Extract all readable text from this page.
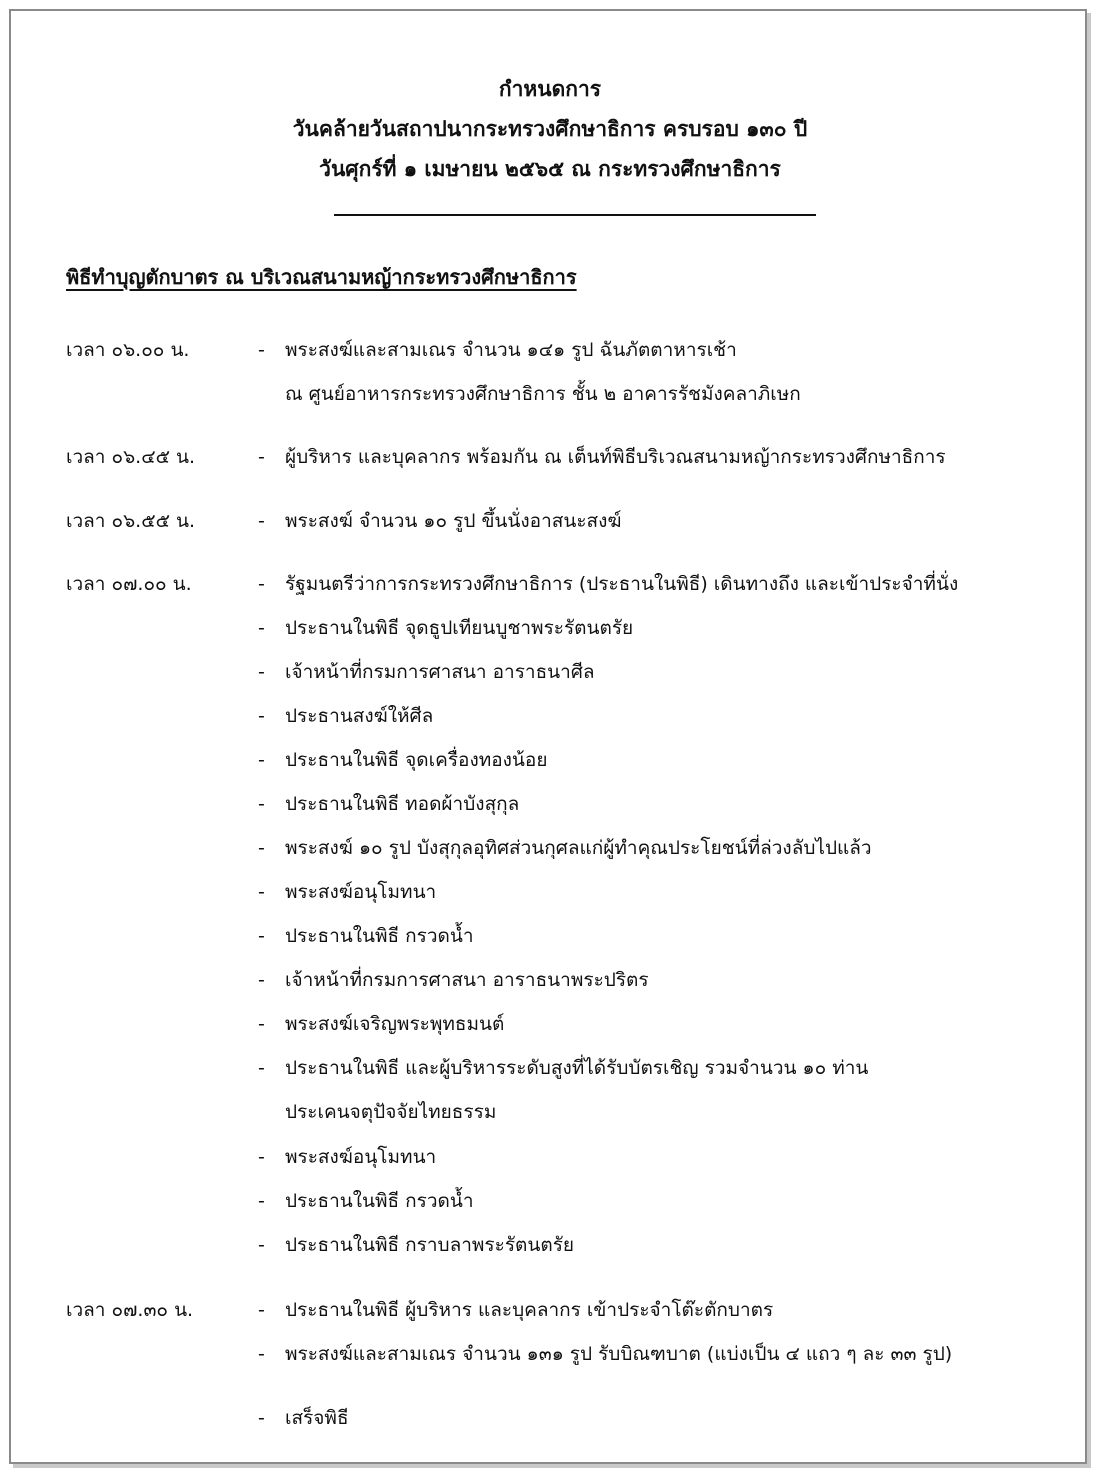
กำหนดการ
วันคล้ายวันสถาปนากระทรวงศึกษาธิการ ครบรอบ ๑๓๐ ปี
วันศุกร์ที่ ๑ เมษายน ๒๕๖๕ ณ กระทรวงศึกษาธิการ
พิธีทำบุญตักบาตร ณ บริเวณสนามหญ้ากระทรวงศึกษาธิการ
เวลา ๐๖.๐๐ น.	- พระสงฆ์และสามเณร จำนวน ๑๔๑ รูป ฉันภัตตาหารเช้า
ณ ศูนย์อาหารกระทรวงศึกษาธิการ ชั้น ๒ อาคารรัชมังคลาภิเษก
เวลา ๐๖.๔๕ น.	- ผู้บริหาร และบุคลากร พร้อมกัน ณ เต็นท์พิธีบริเวณสนามหญ้ากระทรวงศึกษาธิการ
เวลา ๐๖.๕๕ น.	- พระสงฆ์ จำนวน ๑๐ รูป ขึ้นนั่งอาสนะสงฆ์
เวลา ๐๗.๐๐ น.	- รัฐมนตรีว่าการกระทรวงศึกษาธิการ (ประธานในพิธี) เดินทางถึง และเข้าประจำที่นั่ง
- ประธานในพิธี จุดธูปเทียนบูชาพระรัตนตรัย
- เจ้าหน้าที่กรมการศาสนา อาราธนาศีล
- ประธานสงฆ์ให้ศีล
- ประธานในพิธี จุดเครื่องทองน้อย
- ประธานในพิธี ทอดผ้าบังสุกุล
- พระสงฆ์ ๑๐ รูป บังสุกุลอุทิศส่วนกุศลแก่ผู้ทำคุณประโยชน์ที่ล่วงลับไปแล้ว
- พระสงฆ์อนุโมทนา
- ประธานในพิธี กรวดน้ำ
- เจ้าหน้าที่กรมการศาสนา อาราธนาพระปริตร
- พระสงฆ์เจริญพระพุทธมนต์
- ประธานในพิธี และผู้บริหารระดับสูงที่ได้รับบัตรเชิญ รวมจำนวน ๑๐ ท่าน
ประเคนจตุปัจจัยไทยธรรม
- พระสงฆ์อนุโมทนา
- ประธานในพิธี กรวดน้ำ
- ประธานในพิธี กราบลาพระรัตนตรัย
เวลา ๐๗.๓๐ น.	- ประธานในพิธี ผู้บริหาร และบุคลากร เข้าประจำโต๊ะตักบาตร
- พระสงฆ์และสามเณร จำนวน ๑๓๑ รูป รับบิณฑบาต (แบ่งเป็น ๔ แถว ๆ ละ ๓๓ รูป)
- เสร็จพิธี
